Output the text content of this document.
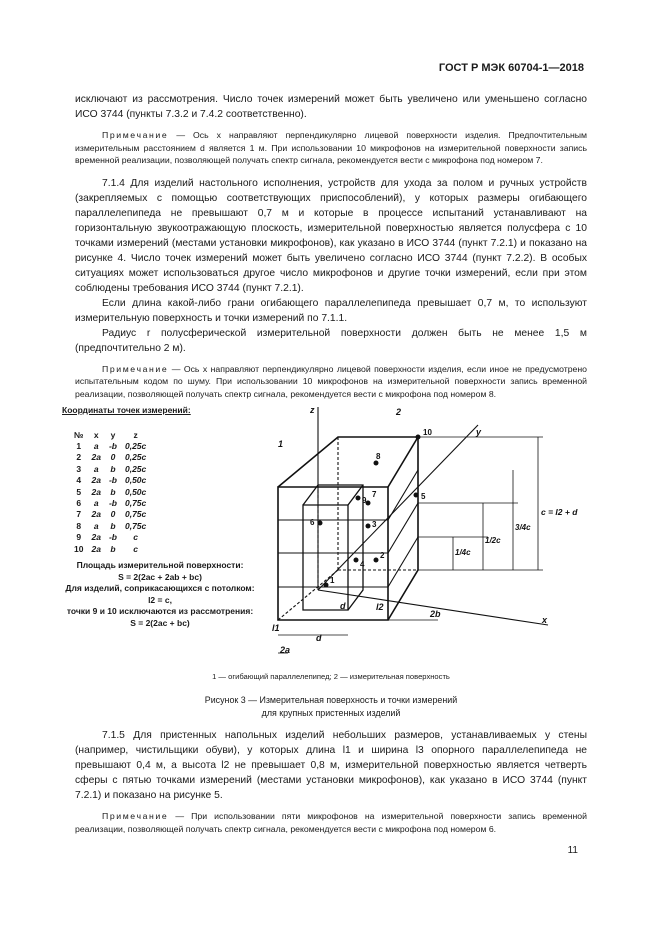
ГОСТ Р МЭК 60704-1—2018

исключают из рассмотрения. Число точек измерений может быть увеличено или уменьшено согласно ИСО 3744 (пункты 7.3.2 и 7.4.2 соответственно).

Примечание — Ось x направляют перпендикулярно лицевой поверхности изделия. Предпочтительным измерительным расстоянием d является 1 м. При использовании 10 микрофонов на измерительной поверхности запись временной реализации, позволяющей получать спектр сигнала, рекомендуется вести с микрофона под номером 7.

7.1.4 Для изделий настольного исполнения, устройств для ухода за полом и ручных устройств (закрепляемых с помощью соответствующих приспособлений), у которых размеры огибающего параллелепипеда не превышают 0,7 м и которые в процессе испытаний устанавливают на горизонтальную звукоотражающую плоскость, измерительной поверхностью является полусфера с 10 точками измерений (местами установки микрофонов), как указано в ИСО 3744 (пункт 7.2.1) и показано на рисунке 4. Число точек измерений может быть увеличено согласно ИСО 3744 (пункт 7.2.2). В особых ситуациях может использоваться другое число микрофонов и другие точки измерений, если при этом соблюдены требования ИСО 3744 (пункт 7.2.1).

Если длина какой-либо грани огибающего параллелепипеда превышает 0,7 м, то используют измерительную поверхность и точки измерений по 7.1.1.

Радиус r полусферической измерительной поверхности должен быть не менее 1,5 м (предпочтительно 2 м).

Примечание — Ось x направляют перпендикулярно лицевой поверхности изделия, если иное не предусмотрено испытательным кодом по шуму. При использовании 10 микрофонов на измерительной поверхности запись временной реализации, позволяющей получать спектр сигнала, рекомендуется вести с микрофона под номером 8.

Координаты точек измерений:
№	x	y	z
1	a	-b	0,25c
2	2a	0	0,25c
3	a	b	0,25c
4	2a	-b	0,50c
5	2a	b	0,50c
6	a	-b	0,75c
7	2a	0	0,75c
8	a	b	0,75c
9	2a	-b	c
10	2a	b	c
Площадь измерительной поверхности:
S = 2(2ac + 2ab + bc)
Для изделий, соприкасающихся с потолком:
l2 = c,
точки 9 и 10 исключаются из рассмотрения:
S = 2(2ac + bc)
1
2
3
4
5
6
7
8
9
10
z
y
x
1
2
c = l2 + d
3/4c
1/2c
1/4c
2b
2a
l1
l2
d
d
1 — огибающий параллелепипед; 2 — измерительная поверхность
Рисунок 3 — Измерительная поверхность и точки измерений
для крупных пристенных изделий

7.1.5 Для пристенных напольных изделий небольших размеров, устанавливаемых у стены (например, чистильщики обуви), у которых длина l1 и ширина l3 опорного параллелепипеда не превышают 0,4 м, а высота l2 не превышает 0,8 м, измерительной поверхностью является четверть сферы с пятью точками измерений (местами установки микрофонов), как указано в ИСО 3744 (пункт 7.2.1) и показано на рисунке 5.

Примечание — При использовании пяти микрофонов на измерительной поверхности запись временной реализации, позволяющей получать спектр сигнала, рекомендуется вести с микрофона под номером 6.

11
